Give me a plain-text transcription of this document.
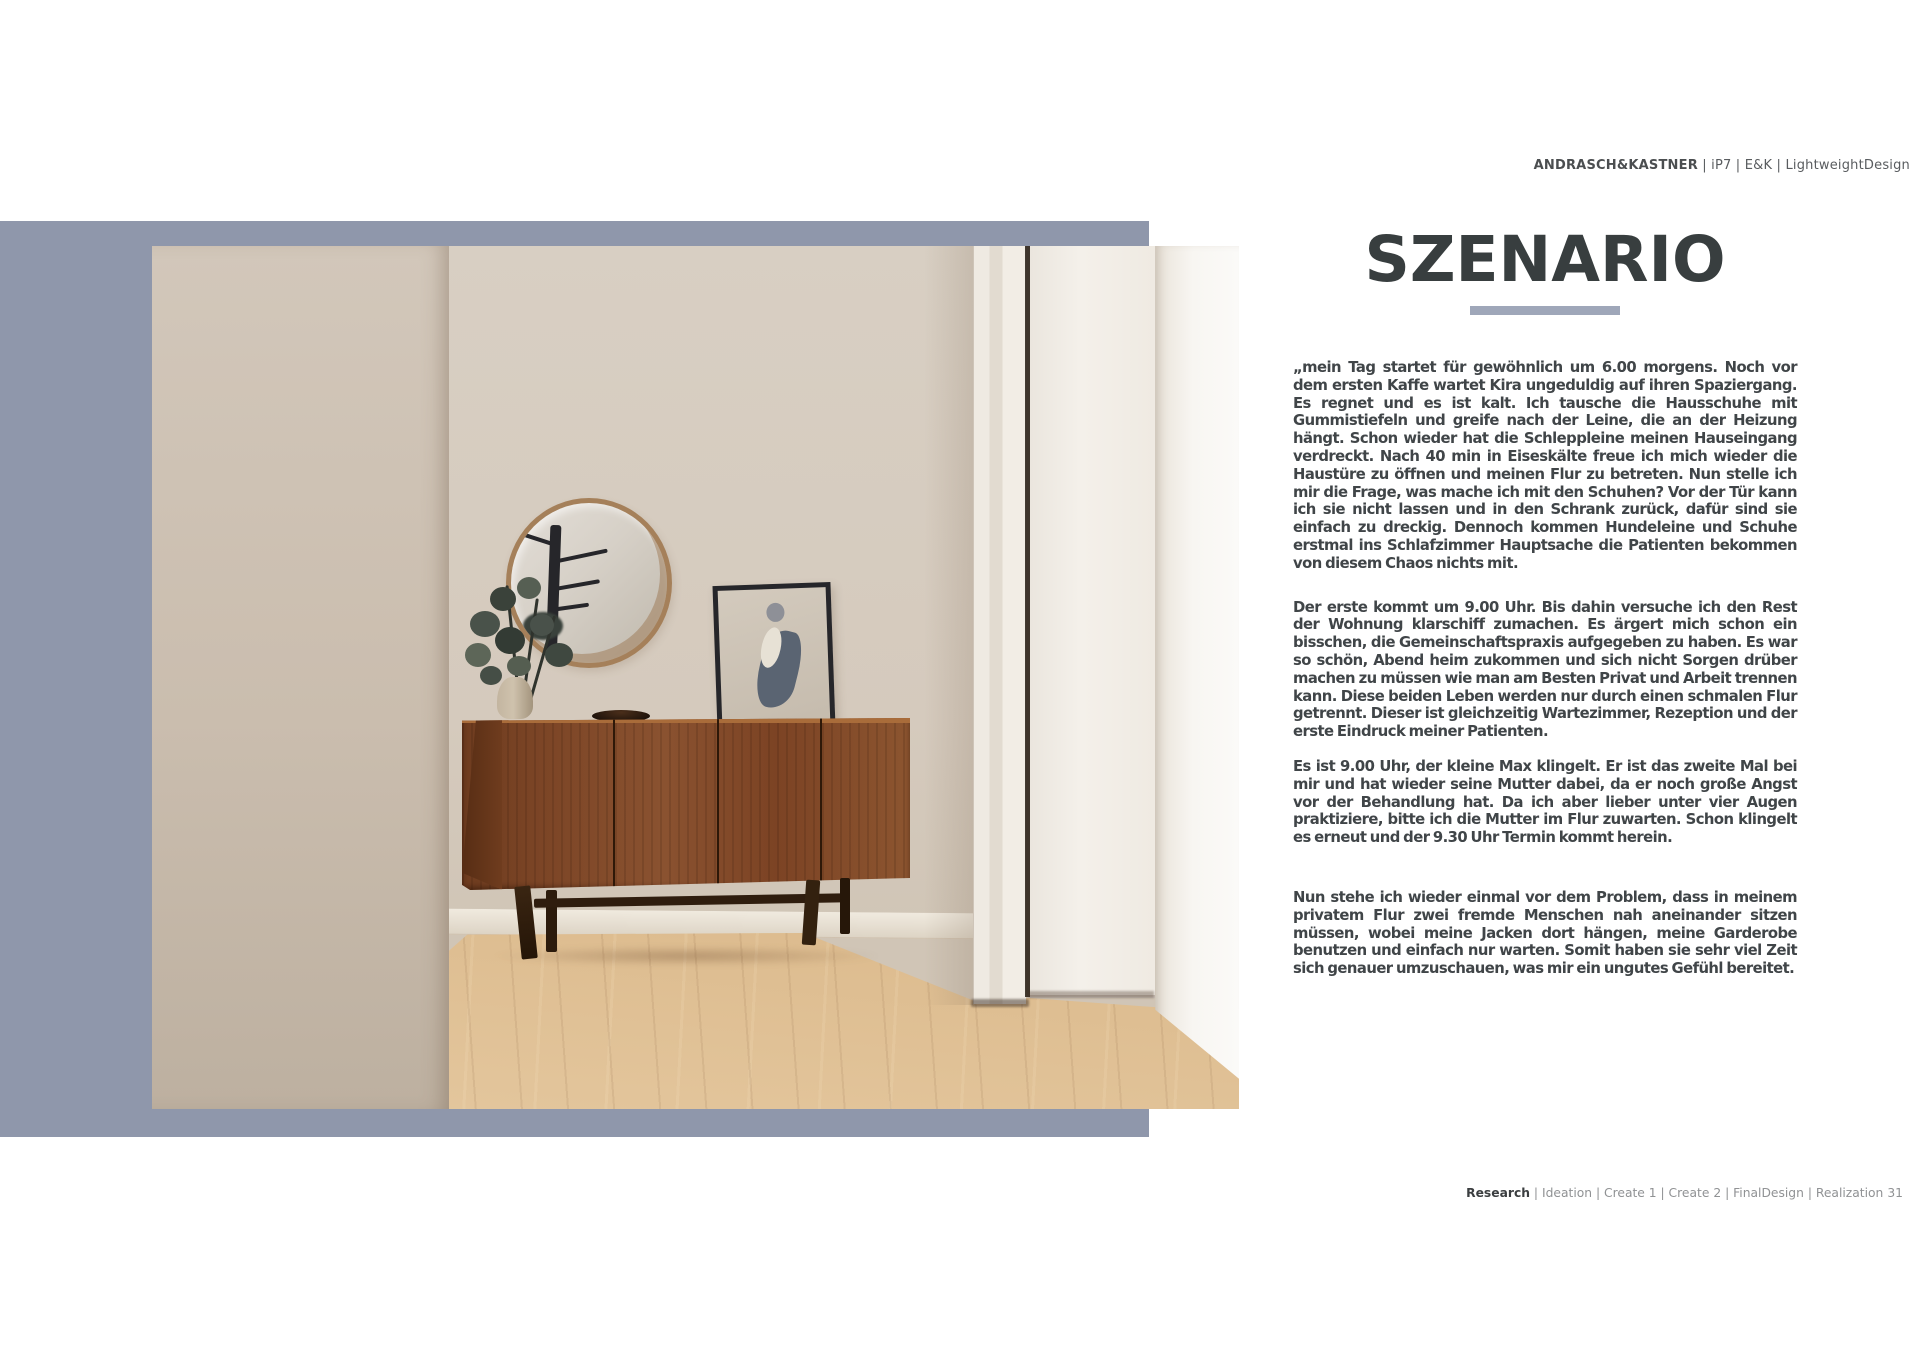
ANDRASCH&KASTNER | iP7 | E&K | LightweightDesign
SZENARIO

„mein Tag startet für gewöhnlich um 6.00 morgens. Noch vor dem ersten Kaffe wartet Kira ungeduldig auf ihren Spaziergang. Es regnet und es ist kalt. Ich tausche die Hausschuhe mit Gummistiefeln und greife nach der Leine, die an der Heizung hängt. Schon wieder hat die Schleppleine meinen Hauseingang verdreckt. Nach 40 min in Eiseskälte freue ich mich wieder die Haustüre zu öffnen und meinen Flur zu betreten. Nun stelle ich mir die Frage, was mache ich mit den Schuhen? Vor der Tür kann ich sie nicht lassen und in den Schrank zurück, dafür sind sie einfach zu dreckig. Dennoch kommen Hundeleine und Schuhe erstmal ins Schlafzimmer Hauptsache die Patienten bekommen von diesem Chaos nichts mit.

Der erste kommt um 9.00 Uhr. Bis dahin versuche ich den Rest der Wohnung klarschiff zumachen. Es ärgert mich schon ein bisschen, die Gemeinschaftspraxis aufgegeben zu haben. Es war so schön, Abend heim zukommen und sich nicht Sorgen drüber machen zu müssen wie man am Besten Privat und Arbeit trennen kann. Diese beiden Leben werden nur durch einen schmalen Flur getrennt. Dieser ist gleichzeitig Wartezimmer, Rezeption und der erste Eindruck meiner Patienten.

Es ist 9.00 Uhr, der kleine Max klingelt. Er ist das zweite Mal bei mir und hat wieder seine Mutter dabei, da er noch große Angst vor der Behandlung hat. Da ich aber lieber unter vier Augen praktiziere, bitte ich die Mutter im Flur zuwarten. Schon klingelt es erneut und der 9.30 Uhr Termin kommt herein.

Nun stehe ich wieder einmal vor dem Problem, dass in meinem privatem Flur zwei fremde Menschen nah aneinander sitzen müssen, wobei meine Jacken dort hängen, meine Garderobe benutzen und einfach nur warten. Somit haben sie sehr viel Zeit sich genauer umzuschauen, was mir ein ungutes Gefühl bereitet.

Research | Ideation | Create 1 | Create 2 | FinalDesign | Realization 31
